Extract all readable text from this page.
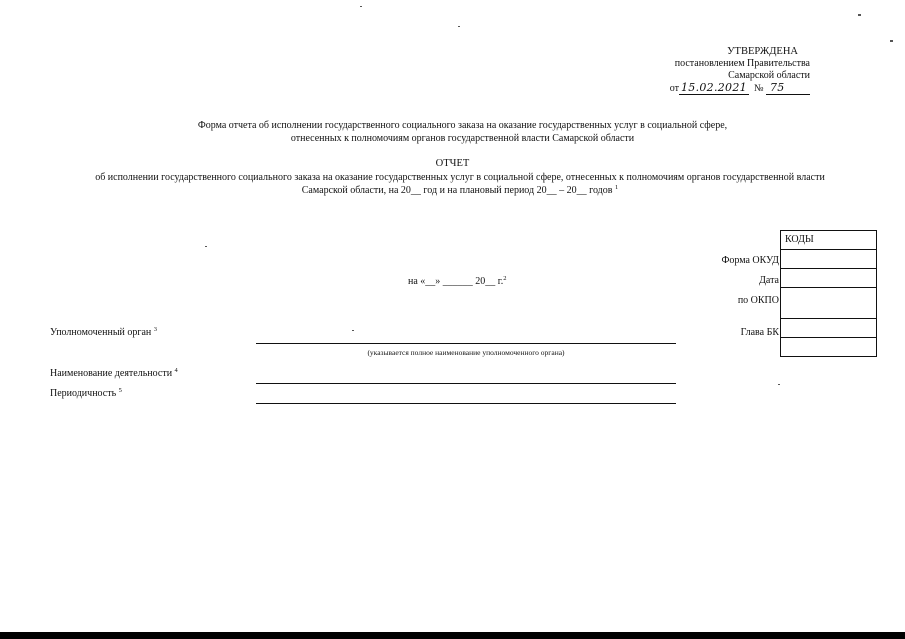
УТВЕРЖДЕНА
постановлением Правительства
Самарской области
от 15.02.2021 № 75
Форма отчета об исполнении государственного социального заказа на оказание государственных услуг в социальной сфере,
отнесенных к полномочиям органов государственной власти Самарской области
ОТЧЕТ
об исполнении государственного социального заказа на оказание государственных услуг в социальной сфере, отнесенных к полномочиям органов государственной власти
Самарской области, на 20__ год и на плановый период 20__ – 20__ годов $^1$
КОДЫ

Форма ОКУД
Дата
по ОКПО
Глава БК
на «__» ______ 20__ г.$^2$
Уполномоченный орган $^3$
(указывается полное наименование уполномоченного органа)
Наименование деятельности $^4$
Периодичность $^5$
